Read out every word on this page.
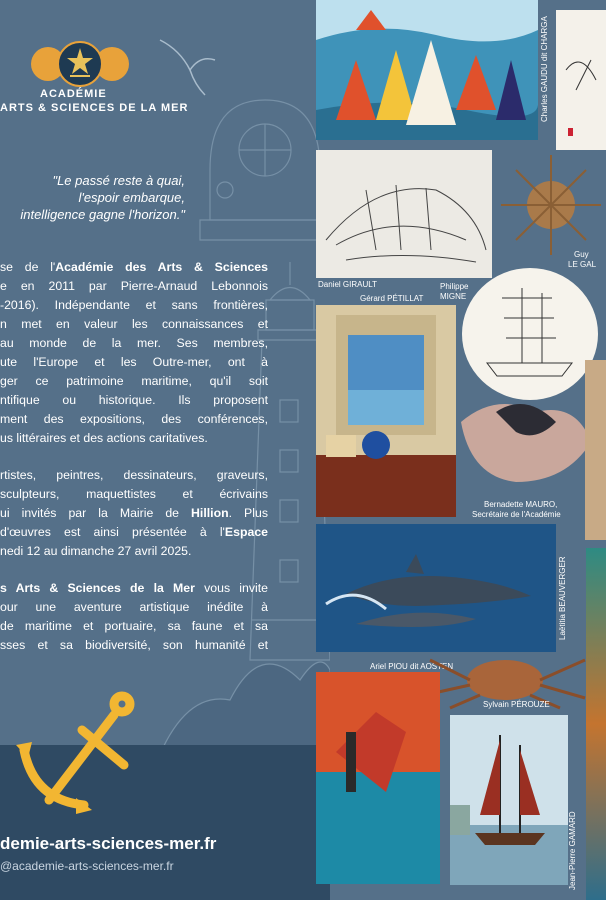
ACADÉMIE
ARTS & SCIENCES DE LA MER
"Le passé reste à quai,
l'espoir embarque,
intelligence gagne l'horizon."

se de l'Académie des Arts & Sciences
e en 2011 par Pierre-Arnaud Lebonnois
-2016). Indépendante et sans frontières,
n met en valeur les connaissances et
au monde de la mer. Ses membres,
ute l'Europe et les Outre-mer, ont à
ger ce patrimoine maritime, qu'il soit
ntifique ou historique. Ils proposent
ment des expositions, des conférences,
us littéraires et des actions caritatives.

rtistes, peintres, dessinateurs, graveurs,
sculpteurs, maquettistes et écrivains
ui invités par la Mairie de Hillion. Plus
d'œuvres est ainsi présentée à l'Espace
nedi 12 au dimanche 27 avril 2025.

s Arts & Sciences de la Mer vous invite
our une aventure artistique inédite à
de maritime et portuaire, sa faune et sa
sses et sa biodiversité, son humanité et

demie-arts-sciences-mer.fr
@academie-arts-sciences-mer.fr
Charles GAUDU dit CHARGA
Daniel GIRAULT
Gérard PÉTILLAT
Philippe
MIGNE
Guy
LE GAL
Bernadette MAURO,
Secrétaire de l'Académie
Laëtitia BEAUVERGER
Ariel PIOU dit AOSTEN
Sylvain PÉROUZE
Jean-Pierre GAMARD
